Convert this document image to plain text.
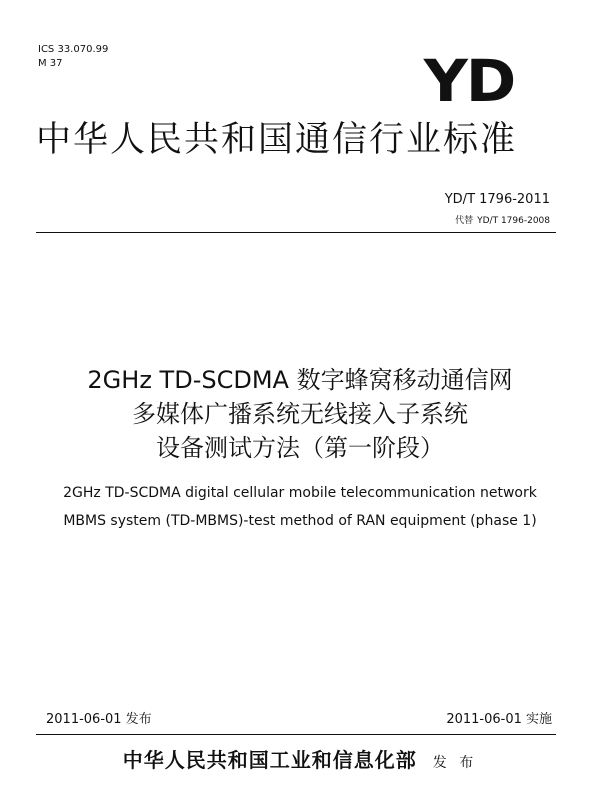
ICS 33.070.99
M 37	YD
中华人民共和国通信行业标准
YD/T 1796-2011
代替 YD/T 1796-2008
2GHz TD-SCDMA 数字蜂窝移动通信网
多媒体广播系统无线接入子系统
设备测试方法（第一阶段）
2GHz TD-SCDMA digital cellular mobile telecommunication network
MBMS system (TD-MBMS)-test method of RAN equipment (phase 1)
2011-06-01 发布	2011-06-01 实施
中华人民共和国工业和信息化部 发 布
